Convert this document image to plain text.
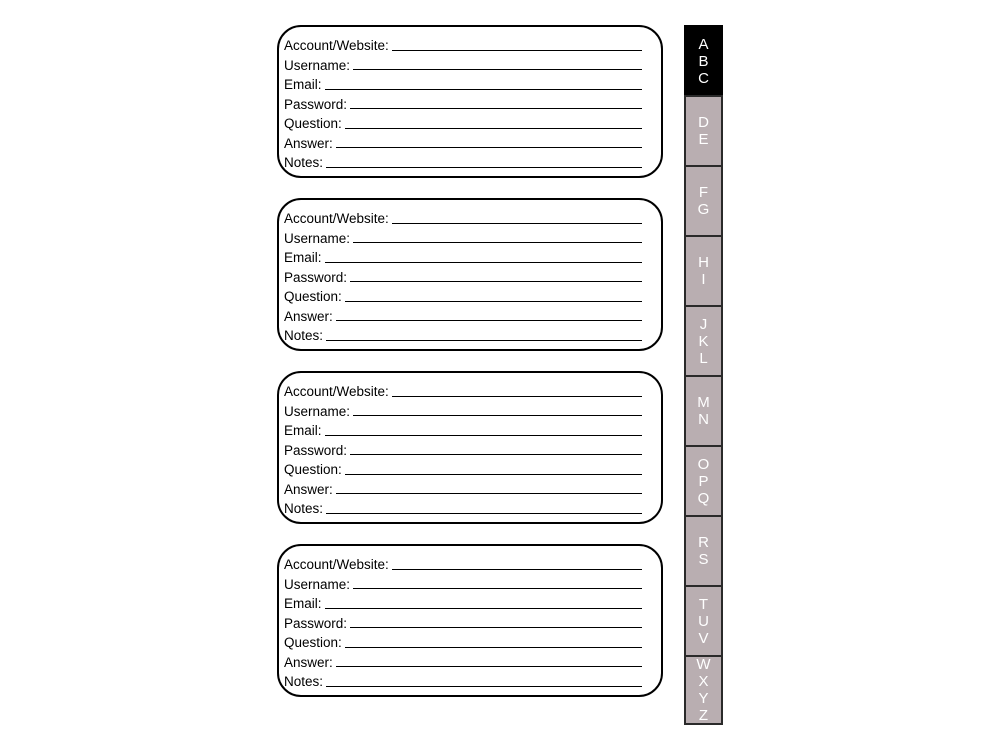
Account/Website:
Username:
Email:
Password:
Question:
Answer:
Notes:
Account/Website:
Username:
Email:
Password:
Question:
Answer:
Notes:
Account/Website:
Username:
Email:
Password:
Question:
Answer:
Notes:
Account/Website:
Username:
Email:
Password:
Question:
Answer:
Notes:
A
B
C
D
E
F
G
H
I
J
K
L
M
N
O
P
Q
R
S
T
U
V
W
X
Y
Z
